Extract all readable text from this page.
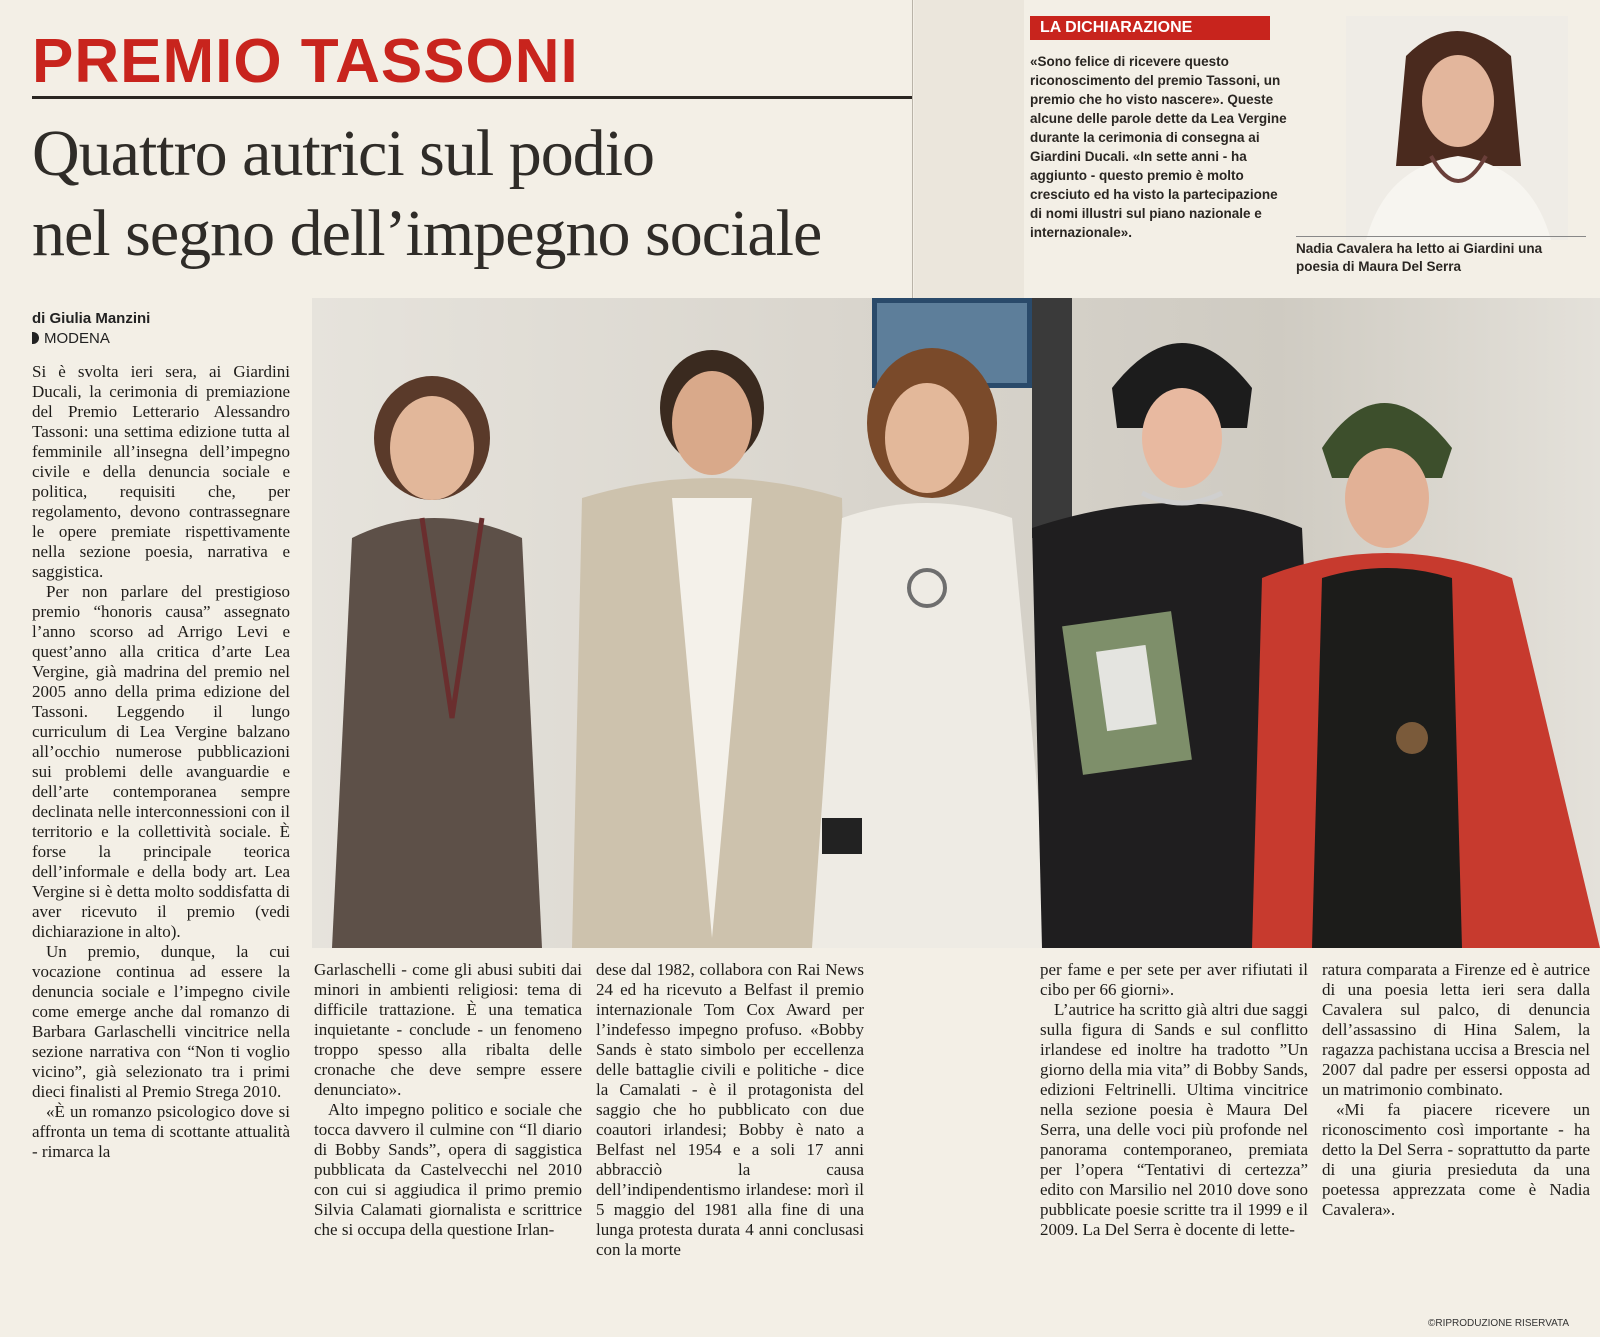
PREMIO TASSONI
Quattro autrici sul podio
nel segno dell’impegno sociale
di Giulia Manzini
MODENA

Si è svolta ieri sera, ai Giardini Ducali, la cerimonia di premiazione del Premio Letterario Alessandro Tassoni: una settima edizione tutta al femminile all’insegna dell’impegno civile e della denuncia sociale e politica, requisiti che, per regolamento, devono contrassegnare le opere premiate rispettivamente nella sezione poesia, narrativa e saggistica.

Per non parlare del prestigioso premio “honoris causa” assegnato l’anno scorso ad Arrigo Levi e quest’anno alla critica d’arte Lea Vergine, già madrina del premio nel 2005 anno della prima edizione del Tassoni. Leggendo il lungo curriculum di Lea Vergine balzano all’occhio numerose pubblicazioni sui problemi delle avanguardie e dell’arte contemporanea sempre declinata nelle interconnessioni con il territorio e la collettività sociale. È forse la principale teorica dell’informale e della body art. Lea Vergine si è detta molto soddisfatta di aver ricevuto il premio (vedi dichiarazione in alto).

Un premio, dunque, la cui vocazione continua ad essere la denuncia sociale e l’impegno civile come emerge anche dal romanzo di Barbara Garlaschelli vincitrice nella sezione narrativa con “Non ti voglio vicino”, già selezionato tra i primi dieci finalisti al Premio Strega 2010.

«È un romanzo psicologico dove si affronta un tema di scottante attualità - rimarca la

Garlaschelli - come gli abusi subiti dai minori in ambienti religiosi: tema di difficile trattazione. È una tematica inquietante - conclude - un fenomeno troppo spesso alla ribalta delle cronache che deve sempre essere denunciato».

Alto impegno politico e sociale che tocca davvero il culmine con “Il diario di Bobby Sands”, opera di saggistica pubblicata da Castelvecchi nel 2010 con cui si aggiudica il primo premio Silvia Calamati giornalista e scrittrice che si occupa della questione Irlan-

dese dal 1982, collabora con Rai News 24 ed ha ricevuto a Belfast il premio internazionale Tom Cox Award per l’indefesso impegno profuso. «Bobby Sands è stato simbolo per eccellenza delle battaglie civili e politiche - dice la Camalati - è il protagonista del saggio che ho pubblicato con due coautori irlandesi; Bobby è nato a Belfast nel 1954 e a soli 17 anni abbracciò la causa dell’indipendentismo irlandese: morì il 5 maggio del 1981 alla fine di una lunga protesta durata 4 anni conclusasi con la morte

per fame e per sete per aver rifiutati il cibo per 66 giorni».

L’autrice ha scritto già altri due saggi sulla figura di Sands e sul conflitto irlandese ed inoltre ha tradotto ”Un giorno della mia vita” di Bobby Sands, edizioni Feltrinelli. Ultima vincitrice nella sezione poesia è Maura Del Serra, una delle voci più profonde nel panorama contemporaneo, premiata per l’opera “Tentativi di certezza” edito con Marsilio nel 2010 dove sono pubblicate poesie scritte tra il 1999 e il 2009. La Del Serra è docente di lette-

ratura comparata a Firenze ed è autrice di una poesia letta ieri sera dalla Cavalera sul palco, di denuncia dell’assassino di Hina Salem, la ragazza pachistana uccisa a Brescia nel 2007 dal padre per essersi opposta ad un matrimonio combinato.

«Mi fa piacere ricevere un riconoscimento così importante - ha detto la Del Serra - soprattutto da parte di una giuria presieduta da una poetessa apprezzata come è Nadia Cavalera».

LA DICHIARAZIONE
«Sono felice di ricevere questo riconoscimento del premio Tassoni, un premio che ho visto nascere». Queste alcune delle parole dette da Lea Vergine durante la cerimonia di consegna ai Giardini Ducali. «In sette anni - ha aggiunto - questo premio è molto cresciuto ed ha visto la partecipazione di nomi illustri sul piano nazionale e internazionale».
Nadia Cavalera ha letto ai Giardini una poesia di Maura Del Serra
©RIPRODUZIONE RISERVATA
